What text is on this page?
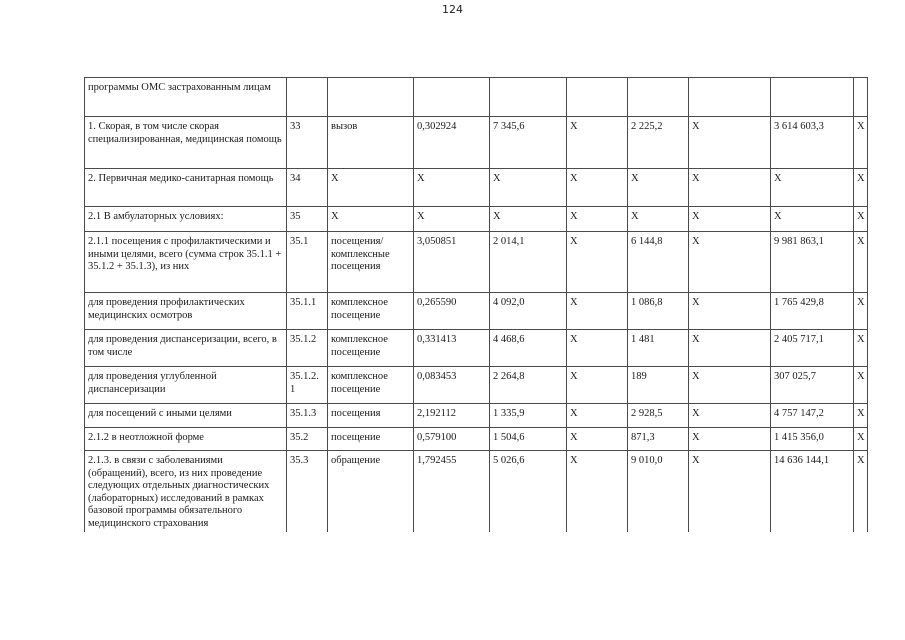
124
программы ОМС застрахованным лицам									
1. Скорая, в том числе скорая специализированная, медицинская помощь	33	вызов	0,302924	7 345,6	Х	2 225,2	Х	3 614 603,3	Х
2. Первичная медико-санитарная помощь	34	Х	Х	Х	Х	Х	Х	Х	Х
2.1 В амбулаторных условиях:	35	Х	Х	Х	Х	Х	Х	Х	Х
2.1.1 посещения с профилактическими и иными целями, всего (сумма строк 35.1.1 + 35.1.2 + 35.1.3), из них	35.1	посещения/комплексные посещения	3,050851	2 014,1	Х	6 144,8	Х	9 981 863,1	Х
для проведения профилактических медицинских осмотров	35.1.1	комплексное посещение	0,265590	4 092,0	Х	1 086,8	Х	1 765 429,8	Х
для проведения диспансеризации, всего, в том числе	35.1.2	комплексное посещение	0,331413	4 468,6	Х	1 481	Х	2 405 717,1	Х
для проведения углубленной диспансеризации	35.1.2.1	комплексное посещение	0,083453	2 264,8	Х	189	Х	307 025,7	Х
для посещений с иными целями	35.1.3	посещения	2,192112	1 335,9	Х	2 928,5	Х	4 757 147,2	Х
2.1.2 в неотложной форме	35.2	посещение	0,579100	1 504,6	Х	871,3	Х	1 415 356,0	Х
2.1.3. в связи с заболеваниями (обращений), всего, из них проведение следующих отдельных диагностических (лабораторных) исследований в рамках базовой программы обязательного медицинского страхования	35.3	обращение	1,792455	5 026,6	Х	9 010,0	Х	14 636 144,1	Х
